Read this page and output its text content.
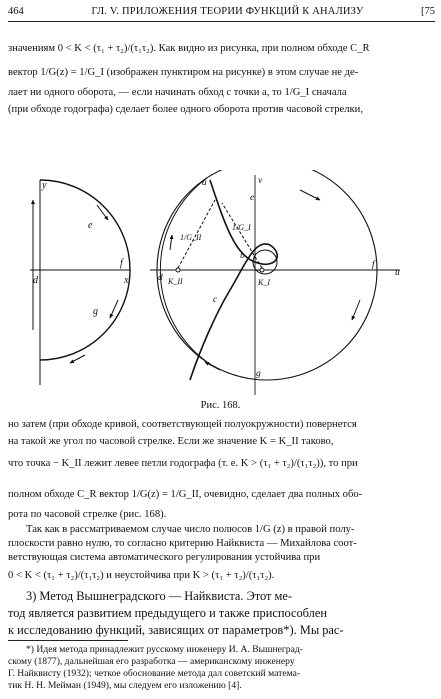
464	ГЛ. V. ПРИЛОЖЕНИЯ ТЕОРИИ ФУНКЦИЙ К АНАЛИЗУ	[75
значениям 0 < K < (τ₁ + τ₂)/(τ₁τ₂). Как видно из рисунка, при полном обходе C_R
вектор 1/G(z) = 1/G_I (изображен пунктиром на рисунке) в этом случае не де-
лает ни одного оборота, — если начинать обход с точки a, то 1/G_I сначала
(при обходе годографа) сделает более одного оборота против часовой стрелки,
y
e
d
f
g
x
v
a
e
b
f
c
d
g
u
K_II	K_I
1/G_II
1/G_I
Рис. 168.
но затем (при обходе кривой, соответствующей полуокружности) повернется
на такой же угол по часовой стрелке. Если же значение K = K_II таково,
что точка − K_II лежит левее петли годографа (т. е. K > (τ₁ + τ₂)/(τ₁τ₂)), то при
полном обходе C_R вектор 1/G(z) = 1/G_II, очевидно, сделает два полных обо-
рота по часовой стрелке (рис. 168).
Так как в рассматриваемом случае число полюсов 1/G (z) в правой полу-
плоскости равно нулю, то согласно критерию Найквиста — Михайлова соот-
ветствующая система автоматического регулирования устойчива при
0 < K < (τ₁ + τ₂)/(τ₁τ₂) и неустойчива при K > (τ₁ + τ₂)/(τ₁τ₂).
3) Метод Вышнеградского — Найквиста. Этот ме-
тод является развитием предыдущего и также приспособлен
к исследованию функций, зависящих от параметров*). Мы рас-
*) Идея метода принадлежит русскому инженеру И. А. Вышнеград-
скому (1877), дальнейшая его разработка — американскому инженеру
Г. Найквисту (1932); четкое обоснование метода дал советский матема-
тик Н. Н. Мейман (1949), мы следуем его изложению [4].
